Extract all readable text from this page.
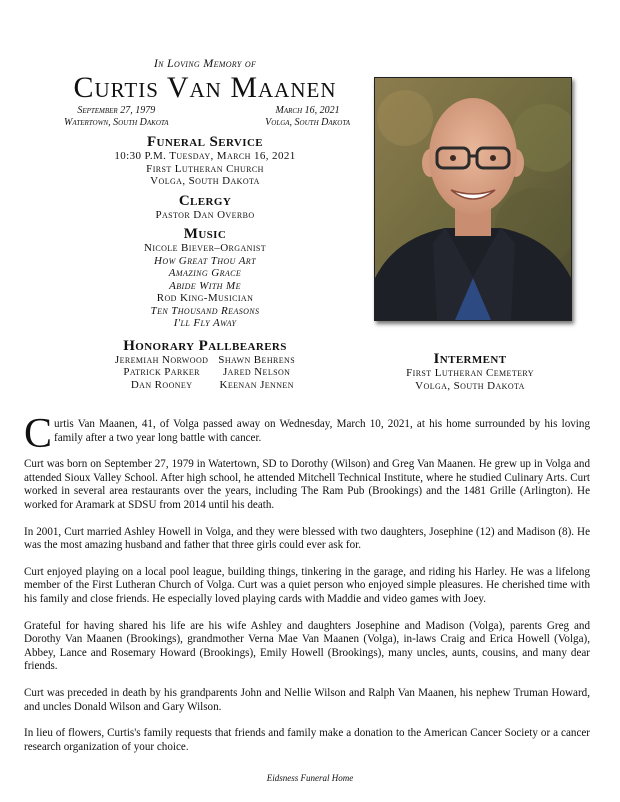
In Loving Memory of
Curtis Van Maanen
September 27, 1979
Watertown, South Dakota
March 16, 2021
Volga, South Dakota
Funeral Service
10:30 P.M. Tuesday, March 16, 2021
First Lutheran Church
Volga, South Dakota
Clergy
Pastor Dan Overbo
Music
Nicole Biever–Organist
How Great Thou Art
Amazing Grace
Abide With Me
Rod King-Musician
Ten Thousand Reasons
I'll Fly Away
Honorary Pallbearers
Jeremiah Norwood Shawn Behrens
Patrick Parker	Jared Nelson
Dan Rooney	Keenan Jennen
Interment
First Lutheran Cemetery
Volga, South Dakota

Curtis Van Maanen, 41, of Volga passed away on Wednesday, March 10, 2021, at his home surrounded by his loving family after a two year long battle with cancer.

Curt was born on September 27, 1979 in Watertown, SD to Dorothy (Wilson) and Greg Van Maanen. He grew up in Volga and attended Sioux Valley School. After high school, he attended Mitchell Technical Institute, where he studied Culinary Arts. Curt worked in several area restaurants over the years, including The Ram Pub (Brookings) and the 1481 Grille (Arlington). He worked for Aramark at SDSU from 2014 until his death.

In 2001, Curt married Ashley Howell in Volga, and they were blessed with two daughters, Josephine (12) and Madison (8). He was the most amazing husband and father that three girls could ever ask for.

Curt enjoyed playing on a local pool league, building things, tinkering in the garage, and riding his Harley. He was a lifelong member of the First Lutheran Church of Volga. Curt was a quiet person who enjoyed simple pleasures. He cherished time with his family and close friends. He especially loved playing cards with Maddie and video games with Joey.

Grateful for having shared his life are his wife Ashley and daughters Josephine and Madison (Volga), parents Greg and Dorothy Van Maanen (Brookings), grandmother Verna Mae Van Maanen (Volga), in-laws Craig and Erica Howell (Volga), Abbey, Lance and Rosemary Howard (Brookings), Emily Howell (Brookings), many uncles, aunts, cousins, and many dear friends.

Curt was preceded in death by his grandparents John and Nellie Wilson and Ralph Van Maanen, his nephew Truman Howard, and uncles Donald Wilson and Gary Wilson.

In lieu of flowers, Curtis's family requests that friends and family make a donation to the American Cancer Society or a cancer research organization of your choice.

Eidsness Funeral Home
